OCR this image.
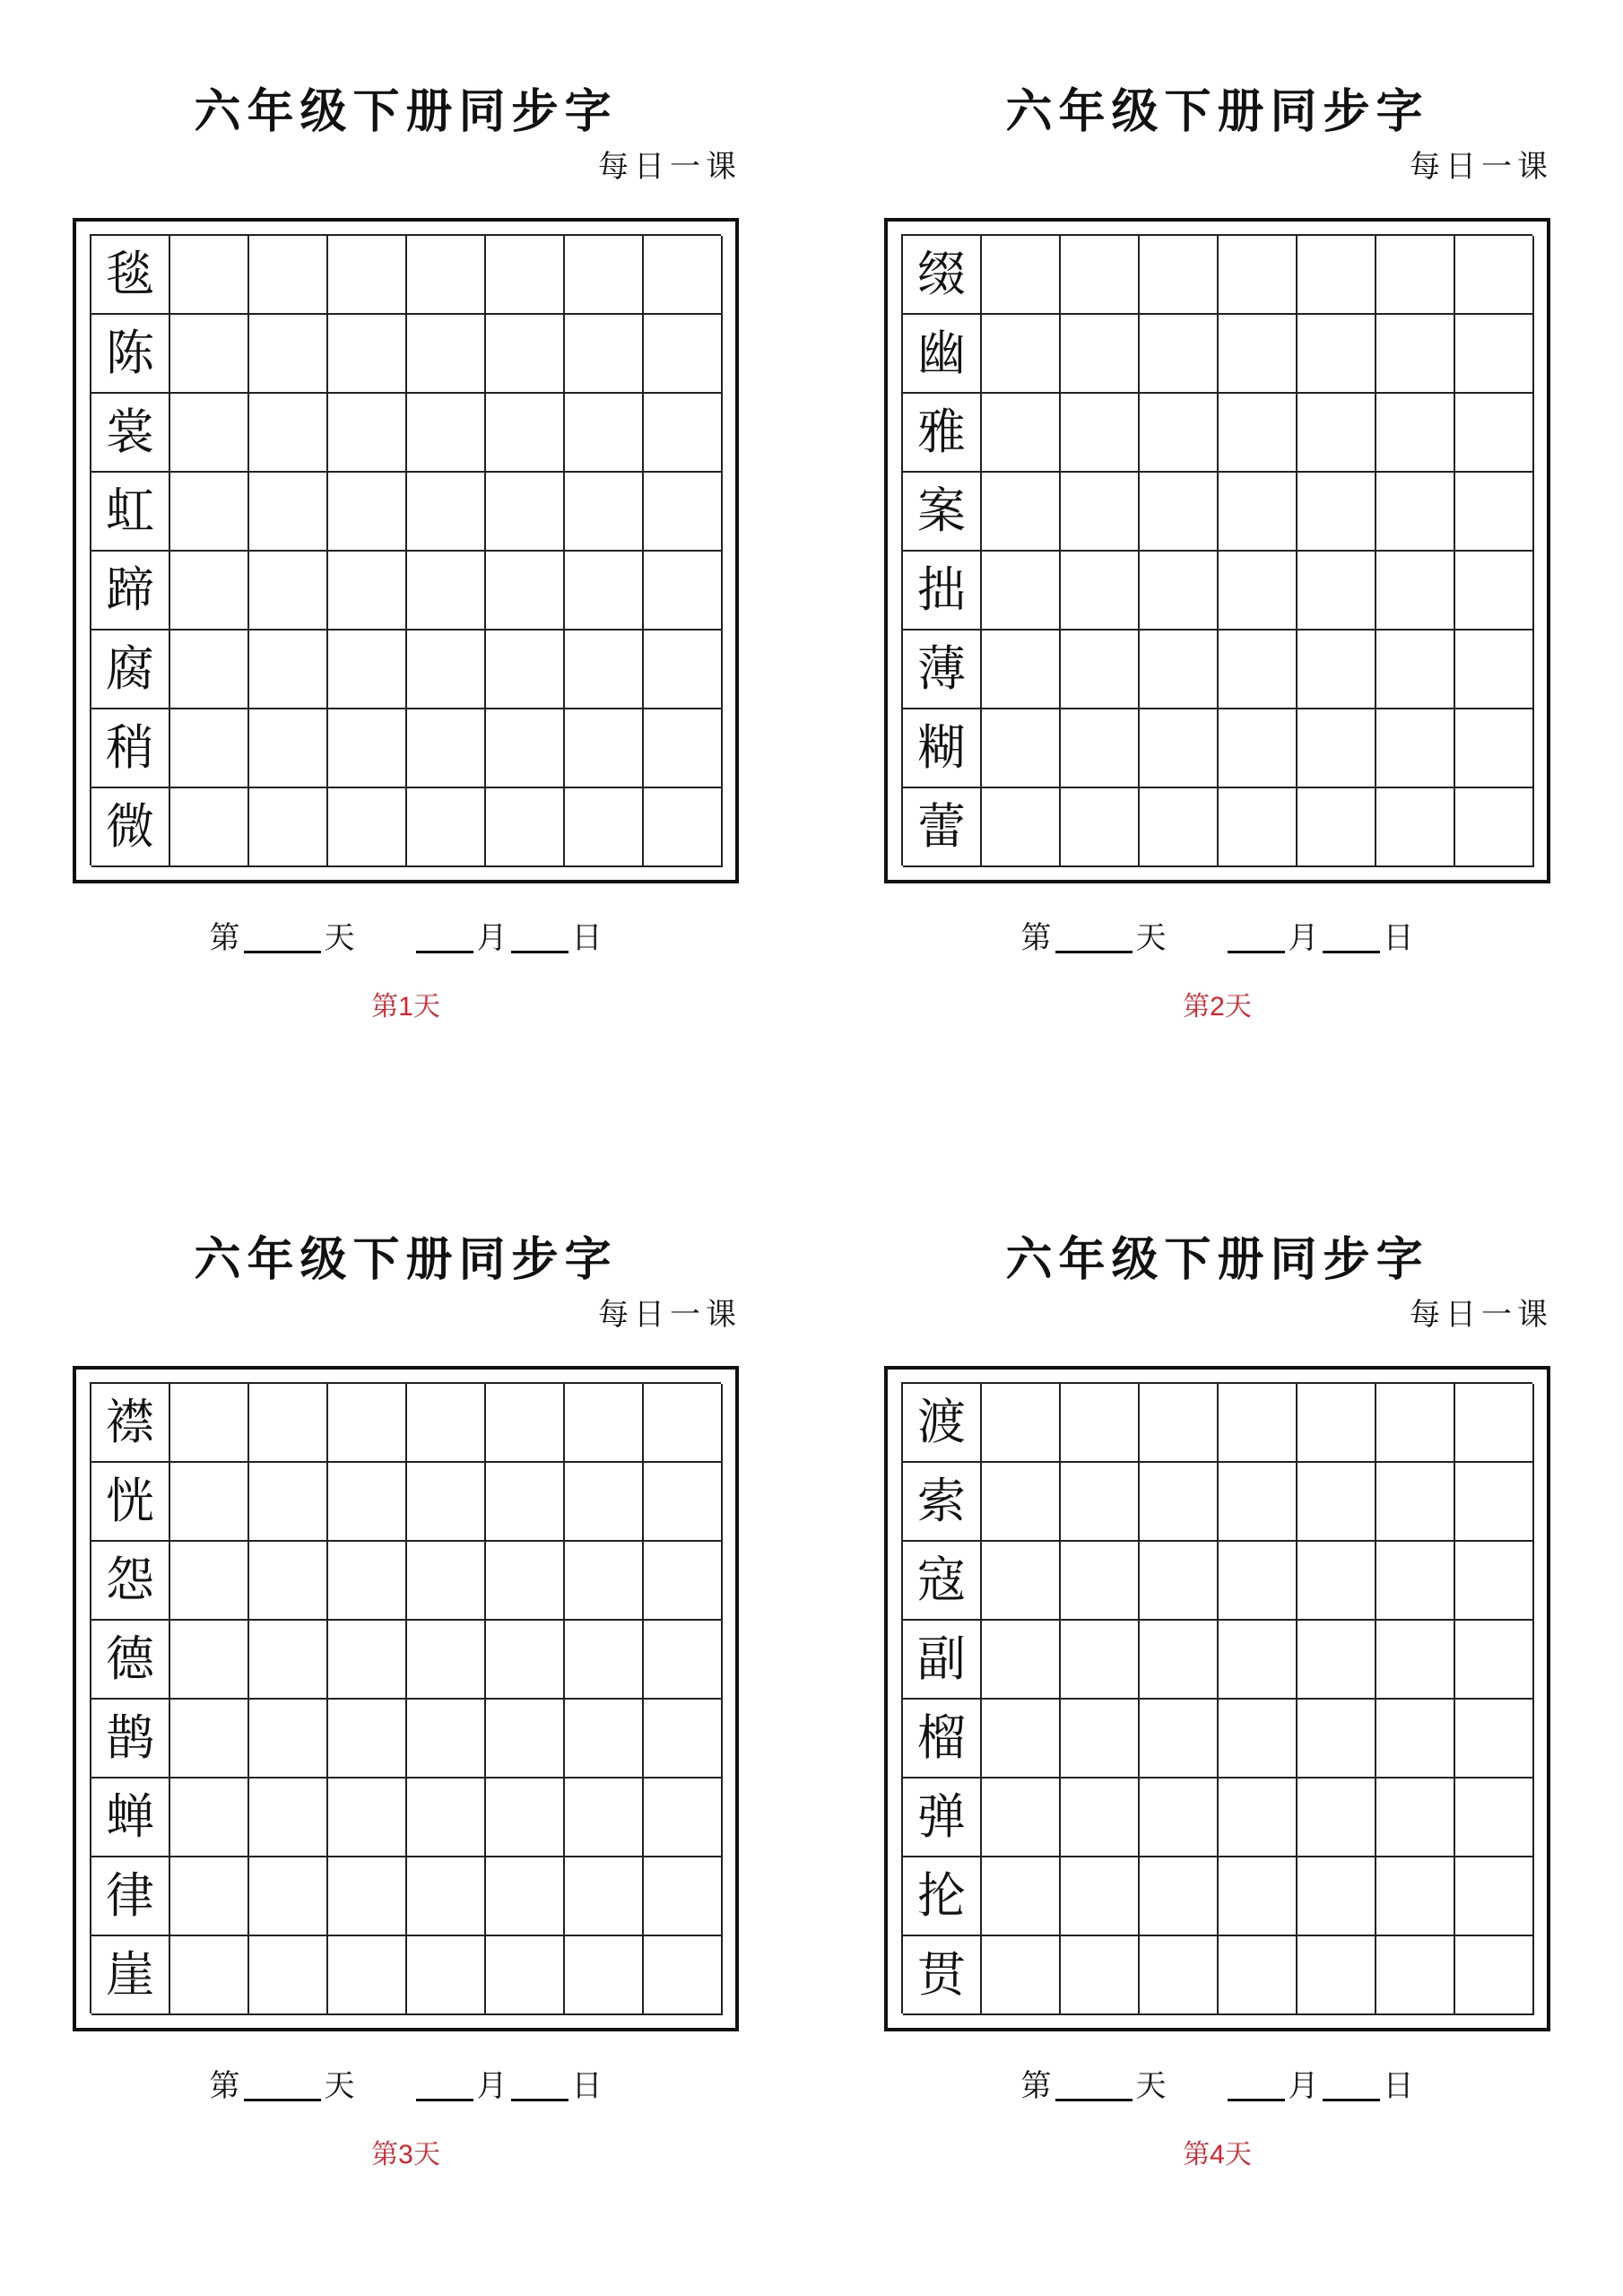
六年级下册同步字
每日一课
毯
陈
裳
虹
蹄
腐
稍
微
第	天	月 日
第1天
六年级下册同步字
每日一课
缀
幽
雅
案
拙
薄
糊
蕾
第	天	月 日
第2天
六年级下册同步字
每日一课
襟
恍
怨
德
鹊
蝉
律
崖
第	天	月 日
第3天
六年级下册同步字
每日一课
渡
索
寇
副
榴
弹
抡
贯
第	天	月 日
第4天
